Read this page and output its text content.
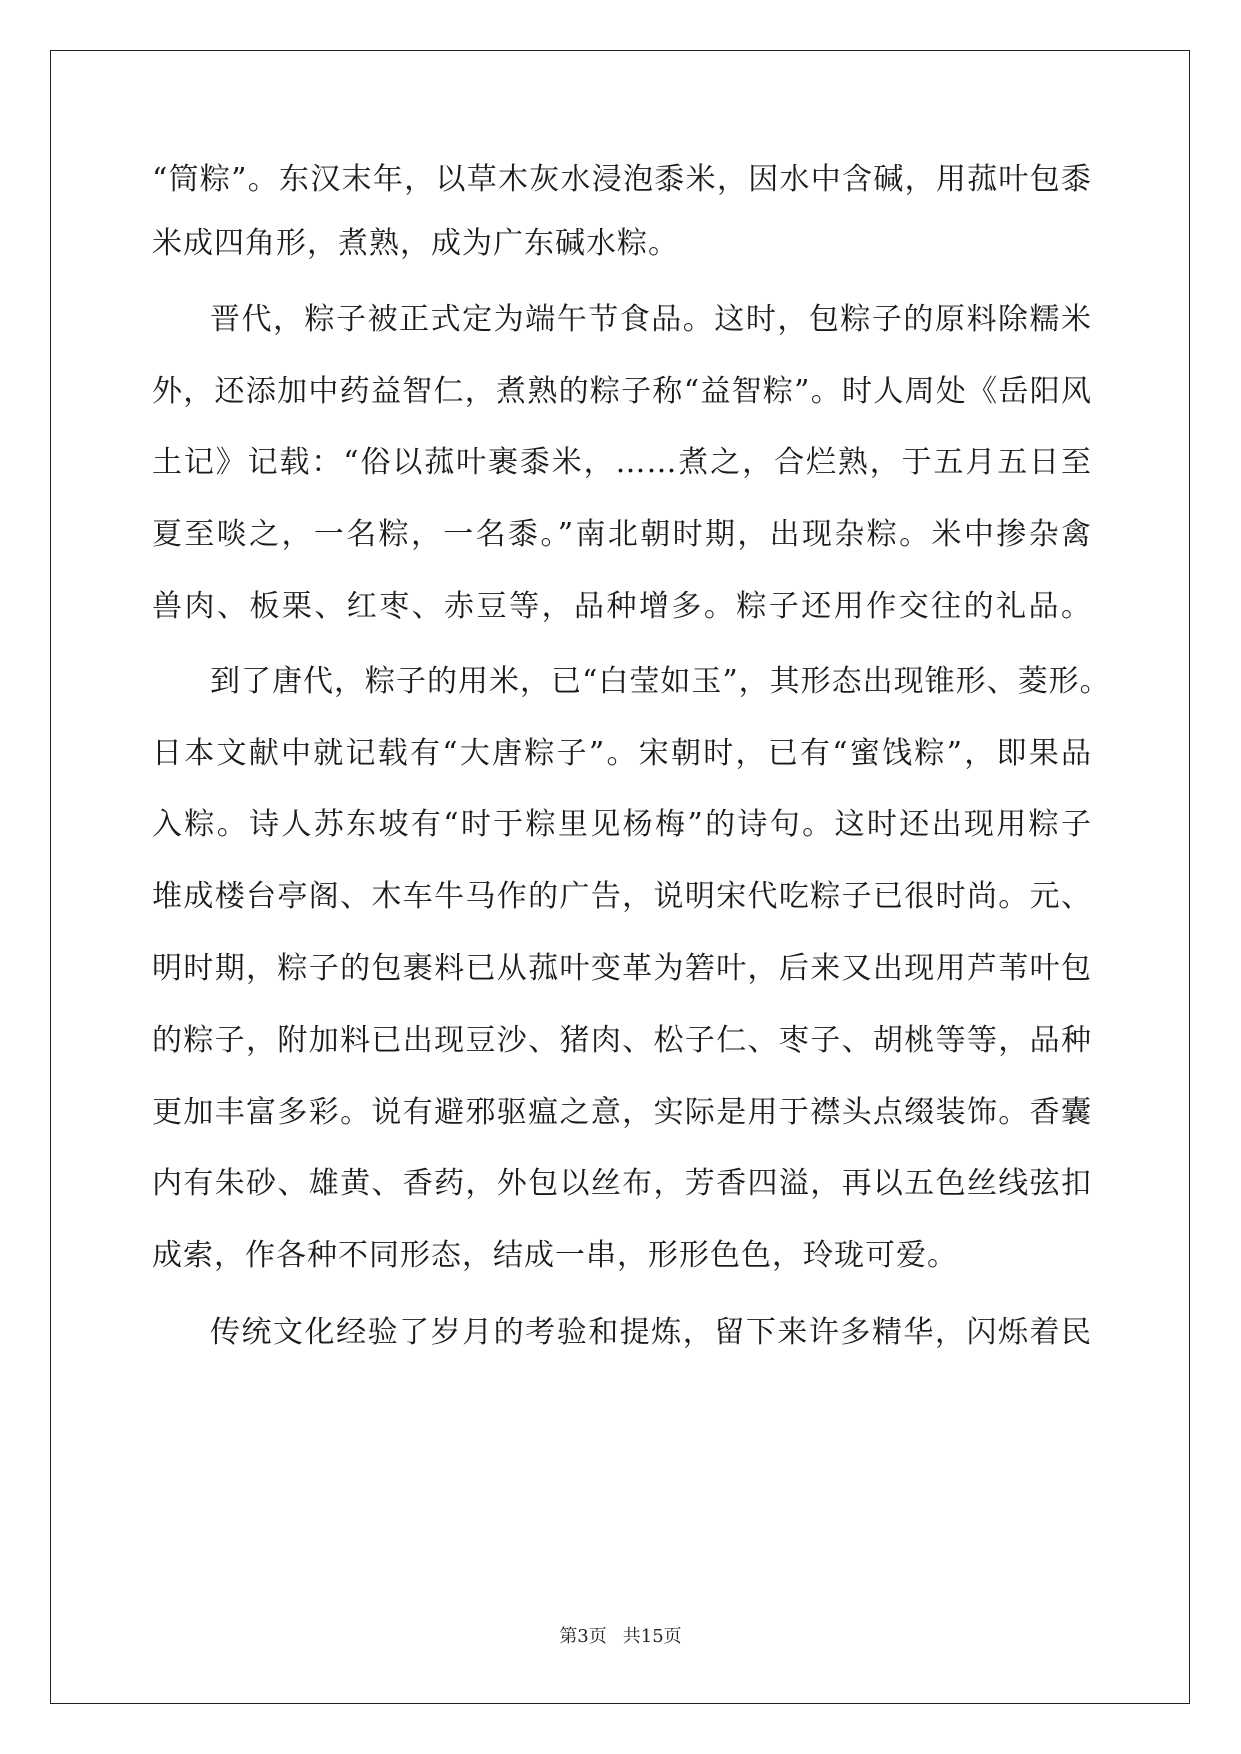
“筒粽”。东汉末年，以草木灰水浸泡黍米，因水中含碱，用菰叶包黍
米成四角形，煮熟，成为广东碱水粽。
晋代，粽子被正式定为端午节食品。这时，包粽子的原料除糯米
外，还添加中药益智仁，煮熟的粽子称“益智粽”。时人周处《岳阳风
土记》记载：“俗以菰叶裹黍米，……煮之，合烂熟，于五月五日至
夏至啖之，一名粽，一名黍。”南北朝时期，出现杂粽。米中掺杂禽
兽肉、板栗、红枣、赤豆等，品种增多。粽子还用作交往的礼品。
到了唐代，粽子的用米，已“白莹如玉”，其形态出现锥形、菱形。
日本文献中就记载有“大唐粽子”。宋朝时，已有“蜜饯粽”，即果品
入粽。诗人苏东坡有“时于粽里见杨梅”的诗句。这时还出现用粽子
堆成楼台亭阁、木车牛马作的广告，说明宋代吃粽子已很时尚。元、
明时期，粽子的包裹料已从菰叶变革为箬叶，后来又出现用芦苇叶包
的粽子，附加料已出现豆沙、猪肉、松子仁、枣子、胡桃等等，品种
更加丰富多彩。说有避邪驱瘟之意，实际是用于襟头点缀装饰。香囊
内有朱砂、雄黄、香药，外包以丝布，芳香四溢，再以五色丝线弦扣
成索，作各种不同形态，结成一串，形形色色，玲珑可爱。
传统文化经验了岁月的考验和提炼，留下来许多精华，闪烁着民
第3页 共15页
